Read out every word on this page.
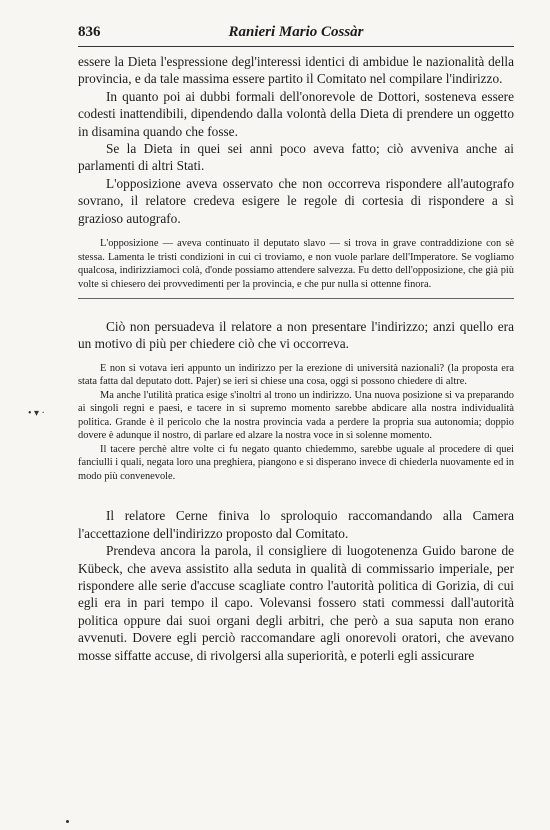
836	Ranieri Mario Cossàr

essere la Dieta l'espressione degl'interessi identici di ambidue le nazionalità della provincia, e da tale massima essere partito il Comitato nel compilare l'indirizzo.

In quanto poi ai dubbi formali dell'onorevole de Dottori, sosteneva essere codesti inattendibili, dipendendo dalla volontà della Dieta di prendere un oggetto in disamina quando che fosse.

Se la Dieta in quei sei anni poco aveva fatto; ciò avveniva anche ai parlamenti di altri Stati.

L'opposizione aveva osservato che non occorreva rispondere all'autografo sovrano, il relatore credeva esigere le regole di cortesia di rispondere a sì grazioso autografo.

L'opposizione — aveva continuato il deputato slavo — si trova in grave contraddizione con sè stessa. Lamenta le tristi condizioni in cui ci troviamo, e non vuole parlare dell'Imperatore. Se vogliamo qualcosa, indirizziamoci colà, d'onde possiamo attendere salvezza. Fu detto dell'opposizione, che già più volte si chiesero dei provvedimenti per la provincia, e che pur nulla si ottenne finora.

Ciò non persuadeva il relatore a non presentare l'indirizzo; anzi quello era un motivo di più per chiedere ciò che vi occorreva.

E non si votava ieri appunto un indirizzo per la erezione di università nazionali? (la proposta era stata fatta dal deputato dott. Pajer) se ieri si chiese una cosa, oggi si possono chiedere di altre.

Ma anche l'utilità pratica esige s'inoltri al trono un indirizzo. Una nuova posizione si va preparando ai singoli regni e paesi, e tacere in sì supremo momento sarebbe abdicare alla nostra individualità politica. Grande è il pericolo che la nostra provincia vada a perdere la propria sua autonomia; doppio dovere è adunque il nostro, di parlare ed alzare la nostra voce in sì solenne momento.

Il tacere perchè altre volte ci fu negato quanto chiedemmo, sarebbe uguale al procedere di quei fanciulli i quali, negata loro una preghiera, piangono e si disperano invece di chiederla nuovamente ed in modo più convenevole.

Il relatore Cerne finiva lo sproloquio raccomandando alla Camera l'accettazione dell'indirizzo proposto dal Comitato.

Prendeva ancora la parola, il consigliere di luogotenenza Guido barone de Kübeck, che aveva assistito alla seduta in qualità di commissario imperiale, per rispondere alle serie d'accuse scagliate contro l'autorità politica di Gorizia, di cui egli era in pari tempo il capo. Volevansi fossero stati commessi dall'autorità politica oppure dai suoi organi degli arbitri, che però a sua saputa non erano avvenuti. Dovere egli perciò raccomandare agli onorevoli oratori, che avevano mosse siffatte accuse, di rivolgersi alla superiorità, e poterli egli assicurare

• ▾ ·
